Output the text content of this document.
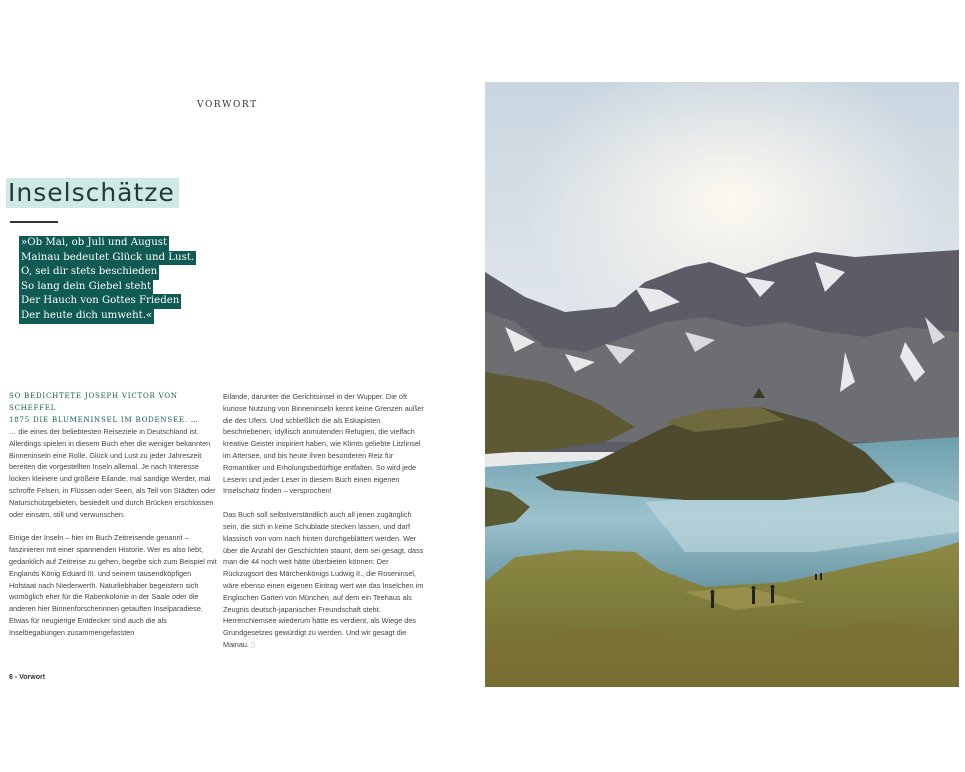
VORWORT
Inselschätze
»Ob Mai, ob Juli und August
Mainau bedeutet Glück und Lust.
O, sei dir stets beschieden
So lang dein Giebel steht
Der Hauch von Gottes Frieden
Der heute dich umweht.«
SO BEDICHTETE JOSEPH VICTOR VON SCHEFFEL
1875 DIE BLUMENINSEL IM BODENSEE. …

… die eines der beliebtesten Reiseziele in Deutschland ist. Allerdings spielen in diesem Buch eher die weniger bekannten Binneninseln eine Rolle. Glück und Lust zu jeder Jahreszeit bereiten die vorgestellten Inseln allemal. Je nach Interesse locken kleinere und größere Eilande, mal sandige Werder, mal schroffe Felsen, in Flüssen oder Seen, als Teil von Städten oder Naturschutzgebieten, besiedelt und durch Brücken erschlossen oder einsam, still und verwunschen.

Einige der Inseln – hier im Buch Zeitreisende genannt – faszinieren mit einer spannenden Historie. Wer es also liebt, gedanklich auf Zeitreise zu gehen, begebe sich zum Beispiel mit Englands König Eduard III. und seinem tausendköpfigen Hofstaat nach Niederwerth. Naturliebhaber begeistern sich womöglich eher für die Rabenkolonie in der Saale oder die anderen hier Binnenforscherinnen getauften Inselparadiese. Etwas für neugierige Entdecker sind auch die als Inselbegabungen zusammengefassten

Eilande, darunter die Gerichtsinsel in der Wupper. Die oft kuriose Nutzung von Binneninseln kennt keine Grenzen außer die des Ufers. Und schließlich die als Eskapisten beschriebenen, idyllisch anmutenden Refugien, die vielfach kreative Geister inspiriert haben, wie Klimts geliebte Litzlinsel im Attersee, und bis heute ihren besonderen Reiz für Romantiker und Erholungsbedürftige entfalten. So wird jede Leserin und jeder Leser in diesem Buch einen eigenen Inselschatz finden – versprochen!

Das Buch soll selbstverständlich auch all jenen zugänglich sein, die sich in keine Schublade stecken lassen, und darf klassisch von vorn nach hinten durchgeblättert werden. Wer über die Anzahl der Geschichten staunt, dem sei gesagt, dass man die 44 noch weit hätte überbieten können: Der Rückzugsort des Märchenkönigs Ludwig II., die Roseninsel, wäre ebenso einen eigenen Eintrag wert wie das Inselchen im Englischen Garten von München, auf dem ein Teehaus als Zeugnis deutsch-japanischer Freundschaft steht. Herrenchiemsee wiederum hätte es verdient, als Wiege des Grundgesetzes gewürdigt zu werden. Und wir gesagt die Mainau. ▯

6 - Vorwort
